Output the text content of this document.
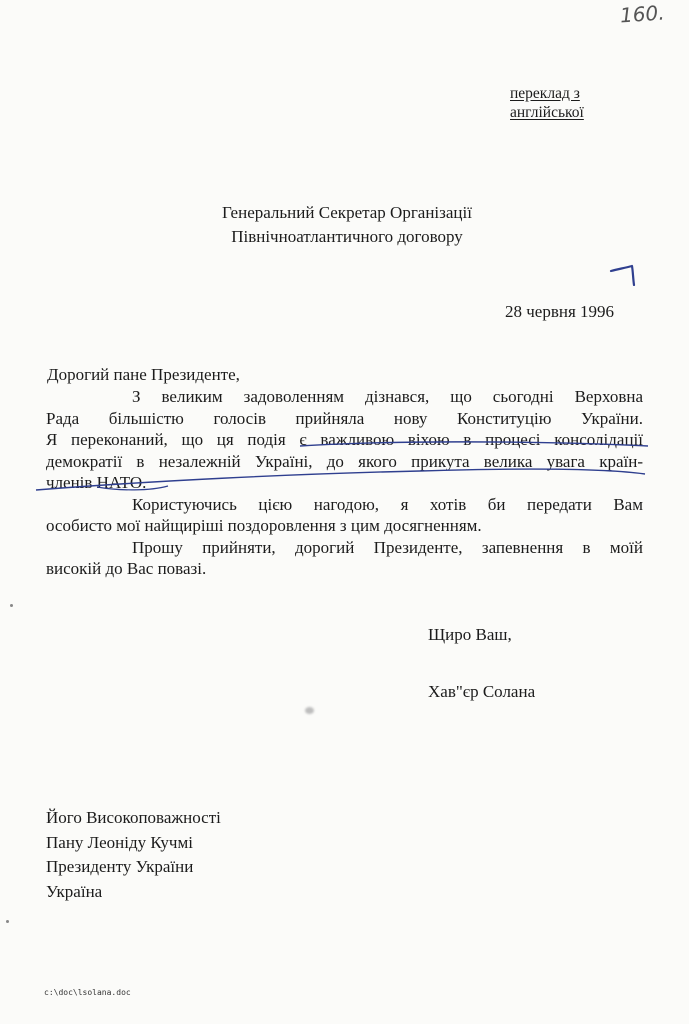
160.
переклад з
англійської
Генеральний Секретар Організації
Північноатлантичного договору
28 червня 1996
Дорогий пане Президенте,
З великим задоволенням дізнався, що сьогодні Верховна
Рада більшістю голосів прийняла нову Конституцію України.
Я переконаний, що ця подія є важливою віхою в процесі консолідації
демократії в незалежній Україні, до якого прикута велика увага країн-
членів НАТО.
Користуючись цією нагодою, я хотів би передати Вам
особисто мої найщиріші поздоровлення з цим досягненням.
Прошу прийняти, дорогий Президенте, запевнення в моїй
високій до Вас повазі.
Щиро Ваш,
Хав"єр Солана
Його Високоповажності
Пану Леоніду Кучмі
Президенту України
Україна
c:\doc\lsolana.doc
